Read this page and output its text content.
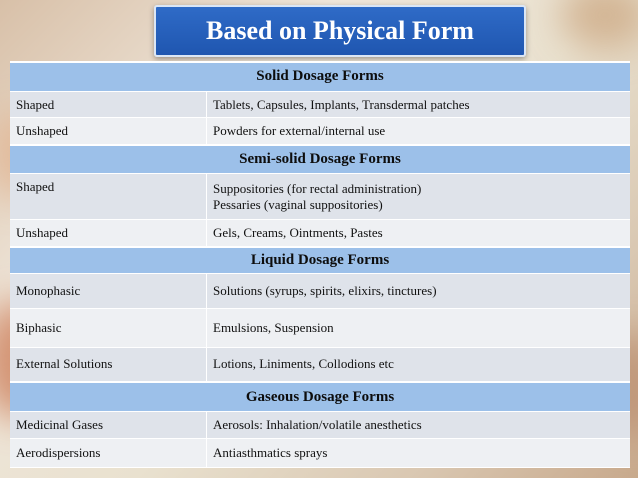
Based on Physical Form
Solid Dosage Forms	
Shaped	Tablets, Capsules, Implants, Transdermal patches
Unshaped	Powders for external/internal use
Semi-solid Dosage Forms	
Shaped	Suppositories (for rectal administration)
Pessaries (vaginal suppositories)

Unshaped	Gels, Creams, Ointments, Pastes
Liquid Dosage Forms	
Monophasic	Solutions (syrups, spirits, elixirs, tinctures)
Biphasic	Emulsions, Suspension
External Solutions	Lotions, Liniments, Collodions etc
Gaseous Dosage Forms	
Medicinal Gases	Aerosols: Inhalation/volatile anesthetics
Aerodispersions	Antiasthmatics sprays
